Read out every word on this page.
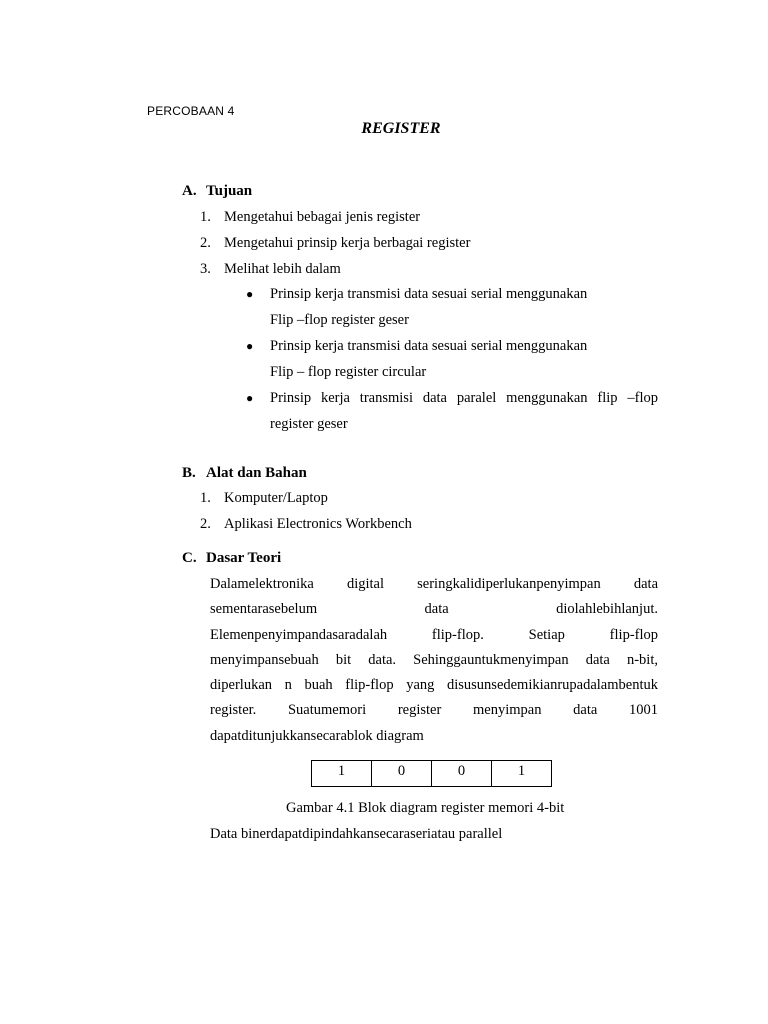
PERCOBAAN 4
REGISTER
A. Tujuan
1. Mengetahui bebagai jenis register
2. Mengetahui prinsip kerja berbagai register
3. Melihat lebih dalam
●	Prinsip kerja transmisi data sesuai serial menggunakan
Flip –flop register geser
●	Prinsip kerja transmisi data sesuai serial menggunakan
Flip – flop register circular
●	Prinsip kerja transmisi data paralel menggunakan flip –flop
register geser
B. Alat dan Bahan
1. Komputer/Laptop
2. Aplikasi Electronics Workbench
C. Dasar Teori
Dalamelektronika digital seringkalidiperlukanpenyimpan data
sementarasebelum data diolahlebihlanjut.
Elemenpenyimpandasaradalah flip-flop. Setiap flip-flop
menyimpansebuah bit data. Sehinggauntukmenyimpan data n-bit,
diperlukan n buah flip-flop yang disusunsedemikianrupadalambentuk
register. Suatumemori register menyimpan data 1001
dapatditunjukkansecarablok diagram
1	0	0	1
Gambar 4.1 Blok diagram register memori 4-bit
Data binerdapatdipindahkansecaraseriatau parallel
